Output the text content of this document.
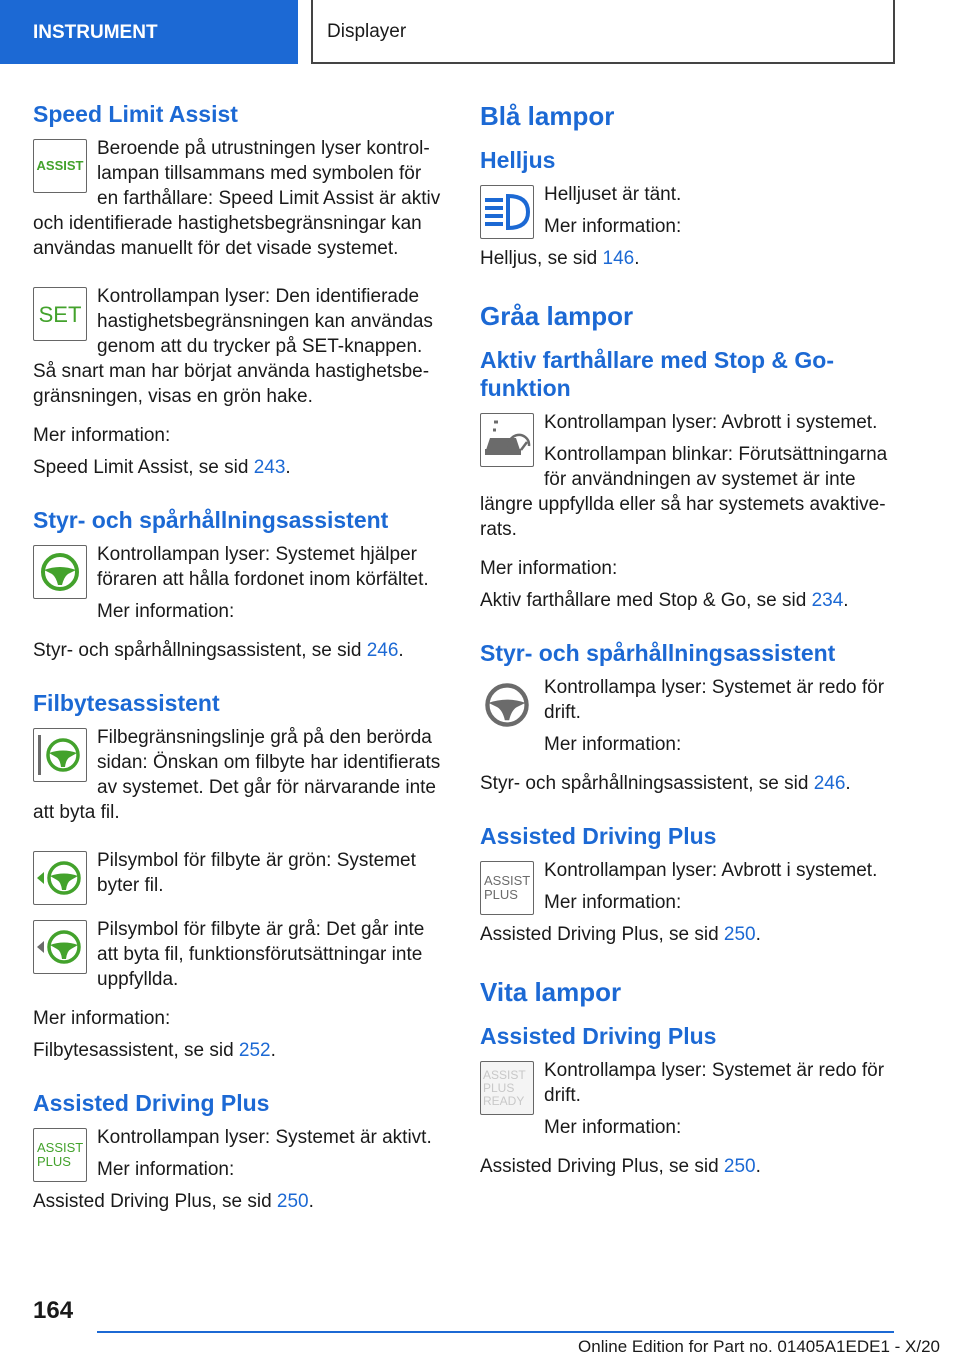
INSTRUMENT	Displayer
Speed Limit Assist
ASSIST

Beroende på utrustningen lyser kontrollampan tillsammans med symbolen för en farthållare: Speed Limit Assist är aktiv och identifierade hastighetsbegränsningar kan användas manuellt för det visade systemet.

SET

Kontrollampan lyser: Den identifierade hastighetsbegränsningen kan användas genom att du trycker på SET-knappen. Så snart man har börjat använda hastighetsbegränsningen, visas en grön hake.

Mer information:

Speed Limit Assist, se sid 243.

Styr- och spårhållningsassistent

Kontrollampan lyser: Systemet hjälper föraren att hålla fordonet inom körfältet.

Mer information:

Styr- och spårhållningsassistent, se sid 246.

Filbytesassistent

Filbegränsningslinje grå på den berörda sidan: Önskan om filbyte har identifierats av systemet. Det går för närvarande inte att byta fil.

Pilsymbol för filbyte är grön: Systemet byter fil.

Pilsymbol för filbyte är grå: Det går inte att byta fil, funktionsförutsättningar inte uppfyllda.

Mer information:

Filbytesassistent, se sid 252.

Assisted Driving Plus
ASSIST
PLUS

Kontrollampan lyser: Systemet är aktivt.

Mer information:

Assisted Driving Plus, se sid 250.

Blå lampor
Helljus

Helljuset är tänt.

Mer information:

Helljus, se sid 146.

Gråa lampor
Aktiv farthållare med Stop & Go-funktion

Kontrollampan lyser: Avbrott i systemet.

Kontrollampan blinkar: Förutsättningarna för användningen av systemet är inte längre uppfyllda eller så har systemets avaktiverats.

Mer information:

Aktiv farthållare med Stop & Go, se sid 234.

Styr- och spårhållningsassistent

Kontrollampa lyser: Systemet är redo för drift.

Mer information:

Styr- och spårhållningsassistent, se sid 246.

Assisted Driving Plus
ASSIST
PLUS

Kontrollampan lyser: Avbrott i systemet.

Mer information:

Assisted Driving Plus, se sid 250.

Vita lampor
Assisted Driving Plus
ASSIST
PLUS
READY

Kontrollampa lyser: Systemet är redo för drift.

Mer information:

Assisted Driving Plus, se sid 250.

164
Online Edition for Part no. 01405A1EDE1 - X/20
